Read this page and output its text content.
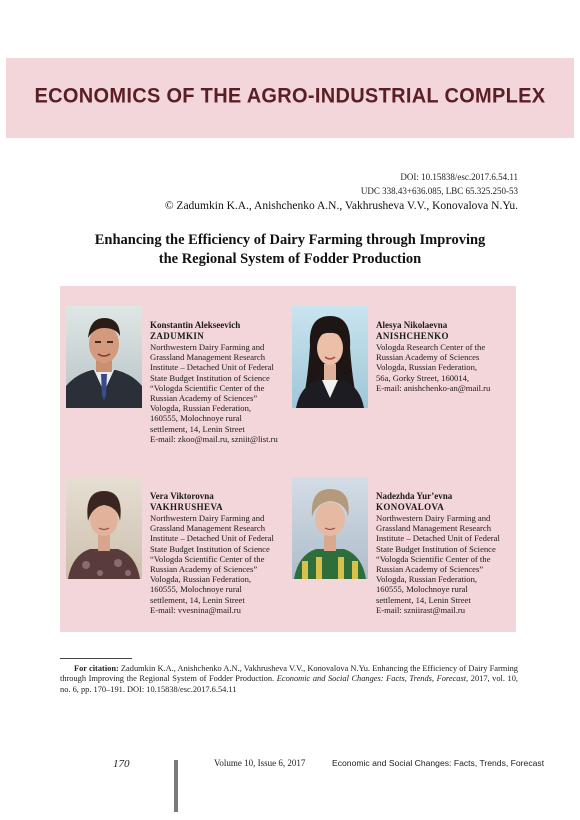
ECONOMICS OF THE AGRO-INDUSTRIAL COMPLEX
DOI: 10.15838/esc.2017.6.54.11
UDC 338.43+636.085, LBC 65.325.250-53
© Zadumkin K.A., Anishchenko A.N., Vakhrusheva V.V., Konovalova N.Yu.
Enhancing the Efficiency of Dairy Farming through Improving
the Regional System of Fodder Production
Konstantin Alekseevich
ZADUMKIN
Northwestern Dairy Farming and
Grassland Management Research
Institute – Detached Unit of Federal
State Budget Institution of Science
“Vologda Scientific Center of the
Russian Academy of Sciences”
Vologda, Russian Federation,
160555, Molochnoye rural
settlement, 14, Lenin Street
E-mail: zkoo@mail.ru, szniit@list.ru
Alesya Nikolaevna
ANISHCHENKO
Vologda Research Center of the
Russian Academy of Sciences
Vologda, Russian Federation,
56a, Gorky Street, 160014,
E-mail: anishchenko-an@mail.ru
Vera Viktorovna
VAKHRUSHEVA
Northwestern Dairy Farming and
Grassland Management Research
Institute – Detached Unit of Federal
State Budget Institution of Science
“Vologda Scientific Center of the
Russian Academy of Sciences”
Vologda, Russian Federation,
160555, Molochnoye rural
settlement, 14, Lenin Street
E-mail: vvesnina@mail.ru
Nadezhda Yur’evna
KONOVALOVA
Northwestern Dairy Farming and
Grassland Management Research
Institute – Detached Unit of Federal
State Budget Institution of Science
“Vologda Scientific Center of the
Russian Academy of Sciences”
Vologda, Russian Federation,
160555, Molochnoye rural
settlement, 14, Lenin Street
E-mail: szniirast@mail.ru
For citation: Zadumkin K.A., Anishchenko A.N., Vakhrusheva V.V., Konovalova N.Yu. Enhancing the Efficiency of Dairy Farming through Improving the Regional System of Fodder Production. Economic and Social Changes: Facts, Trends, Forecast, 2017, vol. 10, no. 6, pp. 170–191. DOI: 10.15838/esc.2017.6.54.11
170	Volume 10, Issue 6, 2017	Economic and Social Changes: Facts, Trends, Forecast
